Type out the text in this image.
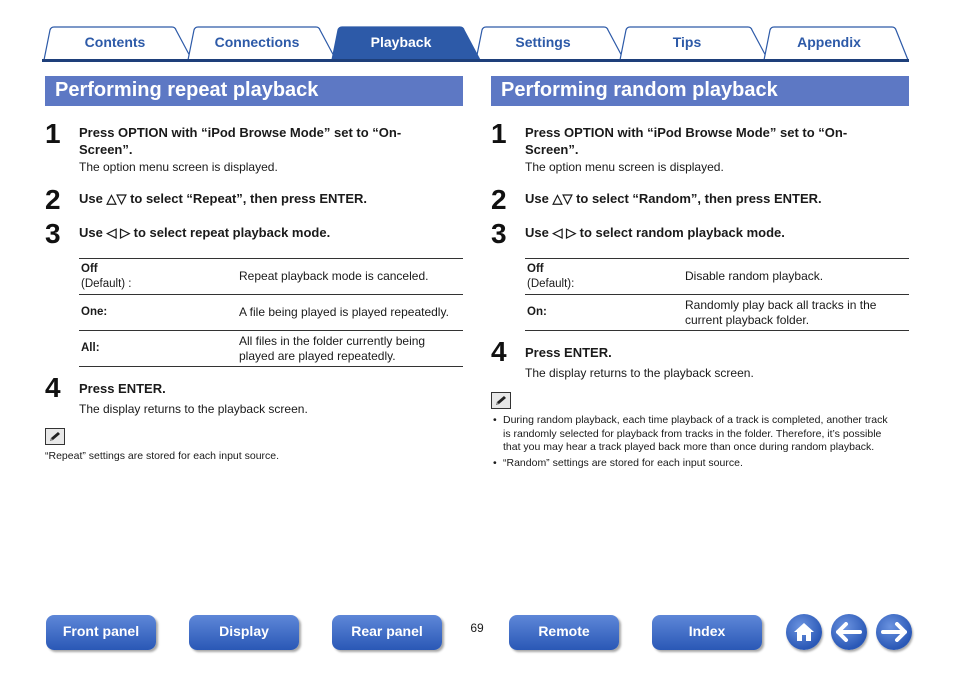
Contents	Connections	Playback	Settings	Tips	Appendix
Performing repeat playback
1 Press OPTION with “iPod Browse Mode” set to “On-Screen”.
The option menu screen is displayed.
2 Use △▽ to select “Repeat”, then press ENTER.
3 Use ◁ ▷ to select repeat playback mode.
Off
(Default) :	Repeat playback mode is canceled.
One:	A file being played is played repeatedly.
All:	All files in the folder currently being played are played repeatedly.
4 Press ENTER.
The display returns to the playback screen.
“Repeat” settings are stored for each input source.
Performing random playback
1 Press OPTION with “iPod Browse Mode” set to “On-Screen”.
The option menu screen is displayed.
2 Use △▽ to select “Random”, then press ENTER.
3 Use ◁ ▷ to select random playback mode.
Off
(Default):	Disable random playback.
On:	Randomly play back all tracks in the current playback folder.
4 Press ENTER.
The display returns to the playback screen.
• During random playback, each time playback of a track is completed, another track is randomly selected for playback from tracks in the folder. Therefore, it’s possible that you may hear a track played back more than once during random playback.
• “Random” settings are stored for each input source.
Front panel	Display	Rear panel	69	Remote	Index
